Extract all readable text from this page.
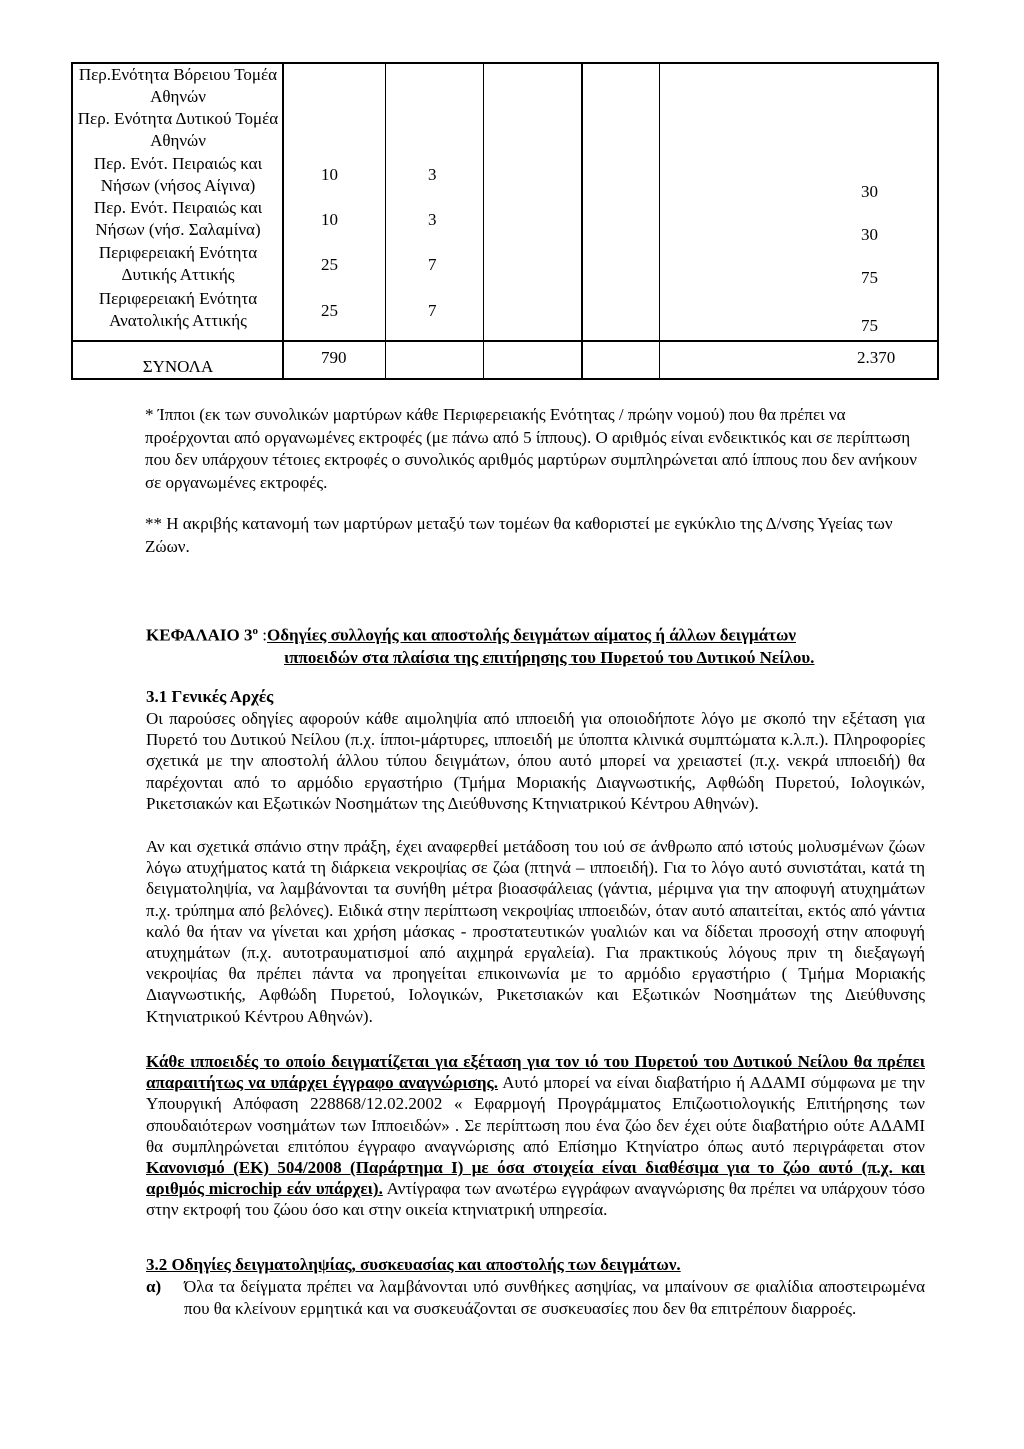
Περ.Ενότητα Βόρειου Τομέα Αθηνών
Περ. Ενότητα Δυτικού Τομέα Αθηνών
Περ. Ενότ. Πειραιώς και Νήσων (νήσος Αίγινα)
Περ. Ενότ. Πειραιώς και Νήσων (νήσ. Σαλαμίνα)
Περιφερειακή Ενότητα Δυτικής Αττικής
Περιφερειακή Ενότητα Ανατολικής Αττικής
ΣΥΝΟΛΑ
10
10
25
25
790
3
3
7
7
30
30
75
75
2.370
* Ίπποι (εκ των συνολικών μαρτύρων κάθε Περιφερειακής Ενότητας / πρώην νομού) που θα πρέπει να προέρχονται από οργανωμένες εκτροφές (με πάνω από 5 ίππους). Ο αριθμός είναι ενδεικτικός και σε περίπτωση που δεν υπάρχουν τέτοιες εκτροφές ο συνολικός αριθμός μαρτύρων συμπληρώνεται από ίππους που δεν ανήκουν σε οργανωμένες εκτροφές.
** Η ακριβής κατανομή των μαρτύρων μεταξύ των τομέων θα καθοριστεί με εγκύκλιο της Δ/νσης Υγείας των Ζώων.
ΚΕΦΑΛΑΙΟ $3^o$ :Οδηγίες συλλογής και αποστολής δειγμάτων αίματος ή άλλων δειγμάτων
ιπποειδών στα πλαίσια της επιτήρησης του Πυρετού του Δυτικού Νείλου.
3.1 Γενικές Αρχές
Οι παρούσες οδηγίες αφορούν κάθε αιμοληψία από ιπποειδή για οποιοδήποτε λόγο με σκοπό την εξέταση για Πυρετό του Δυτικού Νείλου (π.χ. ίπποι-μάρτυρες, ιπποειδή με ύποπτα κλινικά συμπτώματα κ.λ.π.). Πληροφορίες σχετικά με την αποστολή άλλου τύπου δειγμάτων, όπου αυτό μπορεί να χρειαστεί (π.χ. νεκρά ιπποειδή) θα παρέχονται από το αρμόδιο εργαστήριο (Τμήμα Μοριακής Διαγνωστικής, Αφθώδη Πυρετού, Ιολογικών, Ρικετσιακών και Εξωτικών Νοσημάτων της Διεύθυνσης Κτηνιατρικού Κέντρου Αθηνών).
Αν και σχετικά σπάνιο στην πράξη, έχει αναφερθεί μετάδοση του ιού σε άνθρωπο από ιστούς μολυσμένων ζώων λόγω ατυχήματος κατά τη διάρκεια νεκροψίας σε ζώα (πτηνά – ιπποειδή). Για το λόγο αυτό συνιστάται, κατά τη δειγματοληψία, να λαμβάνονται τα συνήθη μέτρα βιοασφάλειας (γάντια, μέριμνα για την αποφυγή ατυχημάτων π.χ. τρύπημα από βελόνες). Ειδικά στην περίπτωση νεκροψίας ιπποειδών, όταν αυτό απαιτείται, εκτός από γάντια καλό θα ήταν να γίνεται και χρήση μάσκας - προστατευτικών γυαλιών και να δίδεται προσοχή στην αποφυγή ατυχημάτων (π.χ. αυτοτραυματισμοί από αιχμηρά εργαλεία). Για πρακτικούς λόγους πριν τη διεξαγωγή νεκροψίας θα πρέπει πάντα να προηγείται επικοινωνία με το αρμόδιο εργαστήριο ( Τμήμα Μοριακής Διαγνωστικής, Αφθώδη Πυρετού, Ιολογικών, Ρικετσιακών και Εξωτικών Νοσημάτων της Διεύθυνσης Κτηνιατρικού Κέντρου Αθηνών).
Κάθε ιπποειδές το οποίο δειγματίζεται για εξέταση για τον ιό του Πυρετού του Δυτικού Νείλου θα πρέπει απαραιτήτως να υπάρχει έγγραφο αναγνώρισης. Αυτό μπορεί να είναι διαβατήριο ή ΑΔΑΜΙ σύμφωνα με την Υπουργική Απόφαση 228868/12.02.2002 « Εφαρμογή Προγράμματος Επιζωοτιολογικής Επιτήρησης των σπουδαιότερων νοσημάτων των Ιπποειδών» . Σε περίπτωση που ένα ζώο δεν έχει ούτε διαβατήριο ούτε ΑΔΑΜΙ θα συμπληρώνεται επιτόπου έγγραφο αναγνώρισης από Επίσημο Κτηνίατρο όπως αυτό περιγράφεται στον Κανονισμό (ΕΚ) 504/2008 (Παράρτημα Ι) με όσα στοιχεία είναι διαθέσιμα για το ζώο αυτό (π.χ. και αριθμός microchip εάν υπάρχει). Αντίγραφα των ανωτέρω εγγράφων αναγνώρισης θα πρέπει να υπάρχουν τόσο στην εκτροφή του ζώου όσο και στην οικεία κτηνιατρική υπηρεσία.
3.2 Οδηγίες δειγματοληψίας, συσκευασίας και αποστολής των δειγμάτων.
α) Όλα τα δείγματα πρέπει να λαμβάνονται υπό συνθήκες ασηψίας, να μπαίνουν σε φιαλίδια αποστειρωμένα που θα κλείνουν ερμητικά και να συσκευάζονται σε συσκευασίες που δεν θα επιτρέπουν διαρροές.
